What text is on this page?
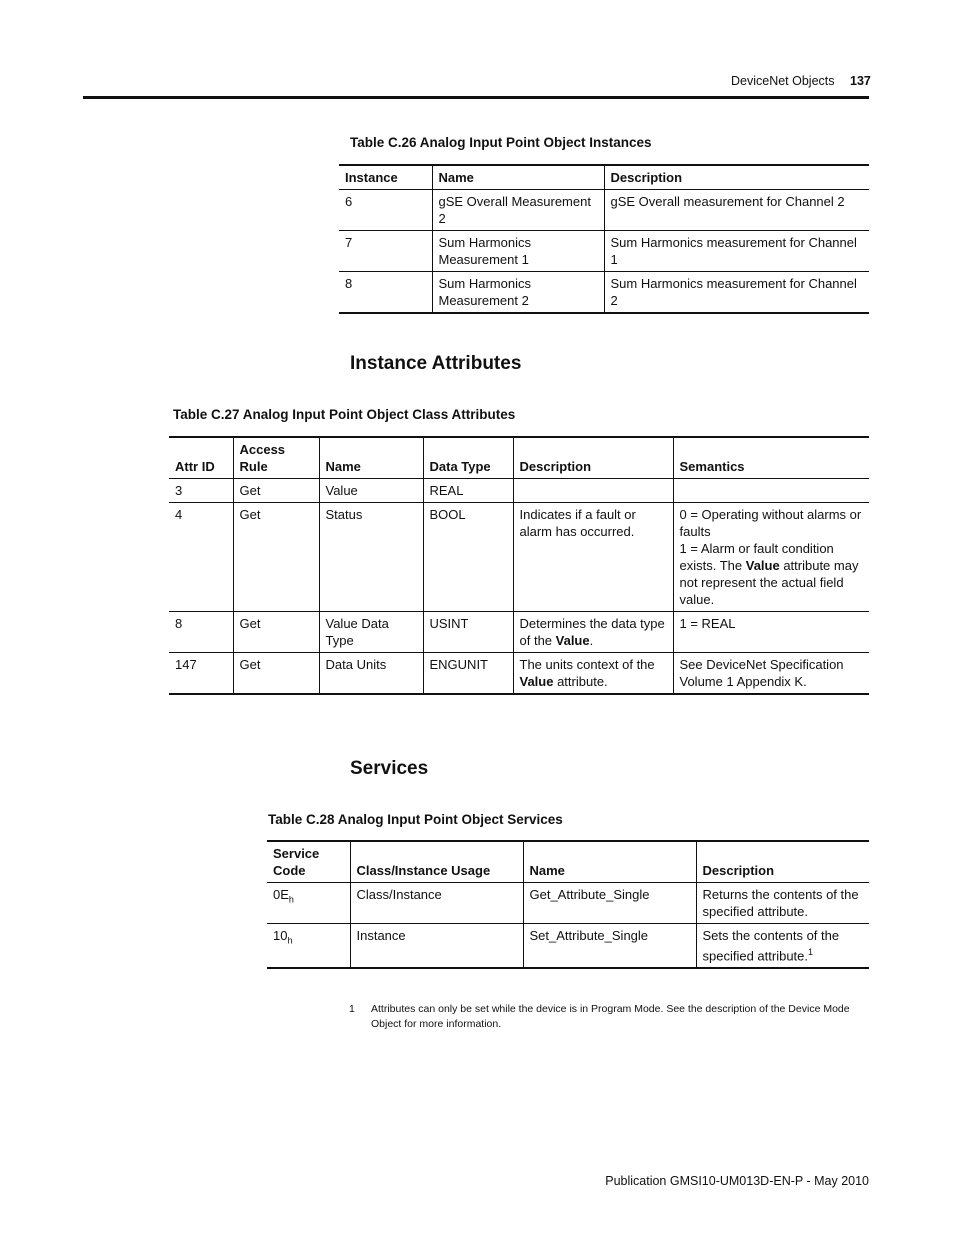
DeviceNet Objects 137
Table C.26 Analog Input Point Object Instances
Instance	Name	Description
6	gSE Overall Measurement 2	gSE Overall measurement for Channel 2
7	Sum Harmonics Measurement 1	Sum Harmonics measurement for Channel 1
8	Sum Harmonics Measurement 2	Sum Harmonics measurement for Channel 2
Instance Attributes
Table C.27 Analog Input Point Object Class Attributes
Attr ID	Access Rule	Name	Data Type	Description	Semantics
3	Get	Value	REAL		
4	Get	Status	BOOL	Indicates if a fault or alarm has occurred.	0 = Operating without alarms or faults
1 = Alarm or fault condition exists. The Value attribute may not represent the actual field value.

8	Get	Value Data Type	USINT	Determines the data type of the Value.	1 = REAL
147	Get	Data Units	ENGUNIT	The units context of the Value attribute.	See DeviceNet Specification Volume 1 Appendix K.
Services
Table C.28 Analog Input Point Object Services
Service Code	Class/Instance Usage	Name	Description
$0E_h$	Class/Instance	Get_Attribute_Single	Returns the contents of the specified attribute.
$10_h$	Instance	Set_Attribute_Single	Sets the contents of the specified attribute.$^1$
1 Attributes can only be set while the device is in Program Mode. See the description of the Device Mode Object for more information.
Publication GMSI10-UM013D-EN-P - May 2010
